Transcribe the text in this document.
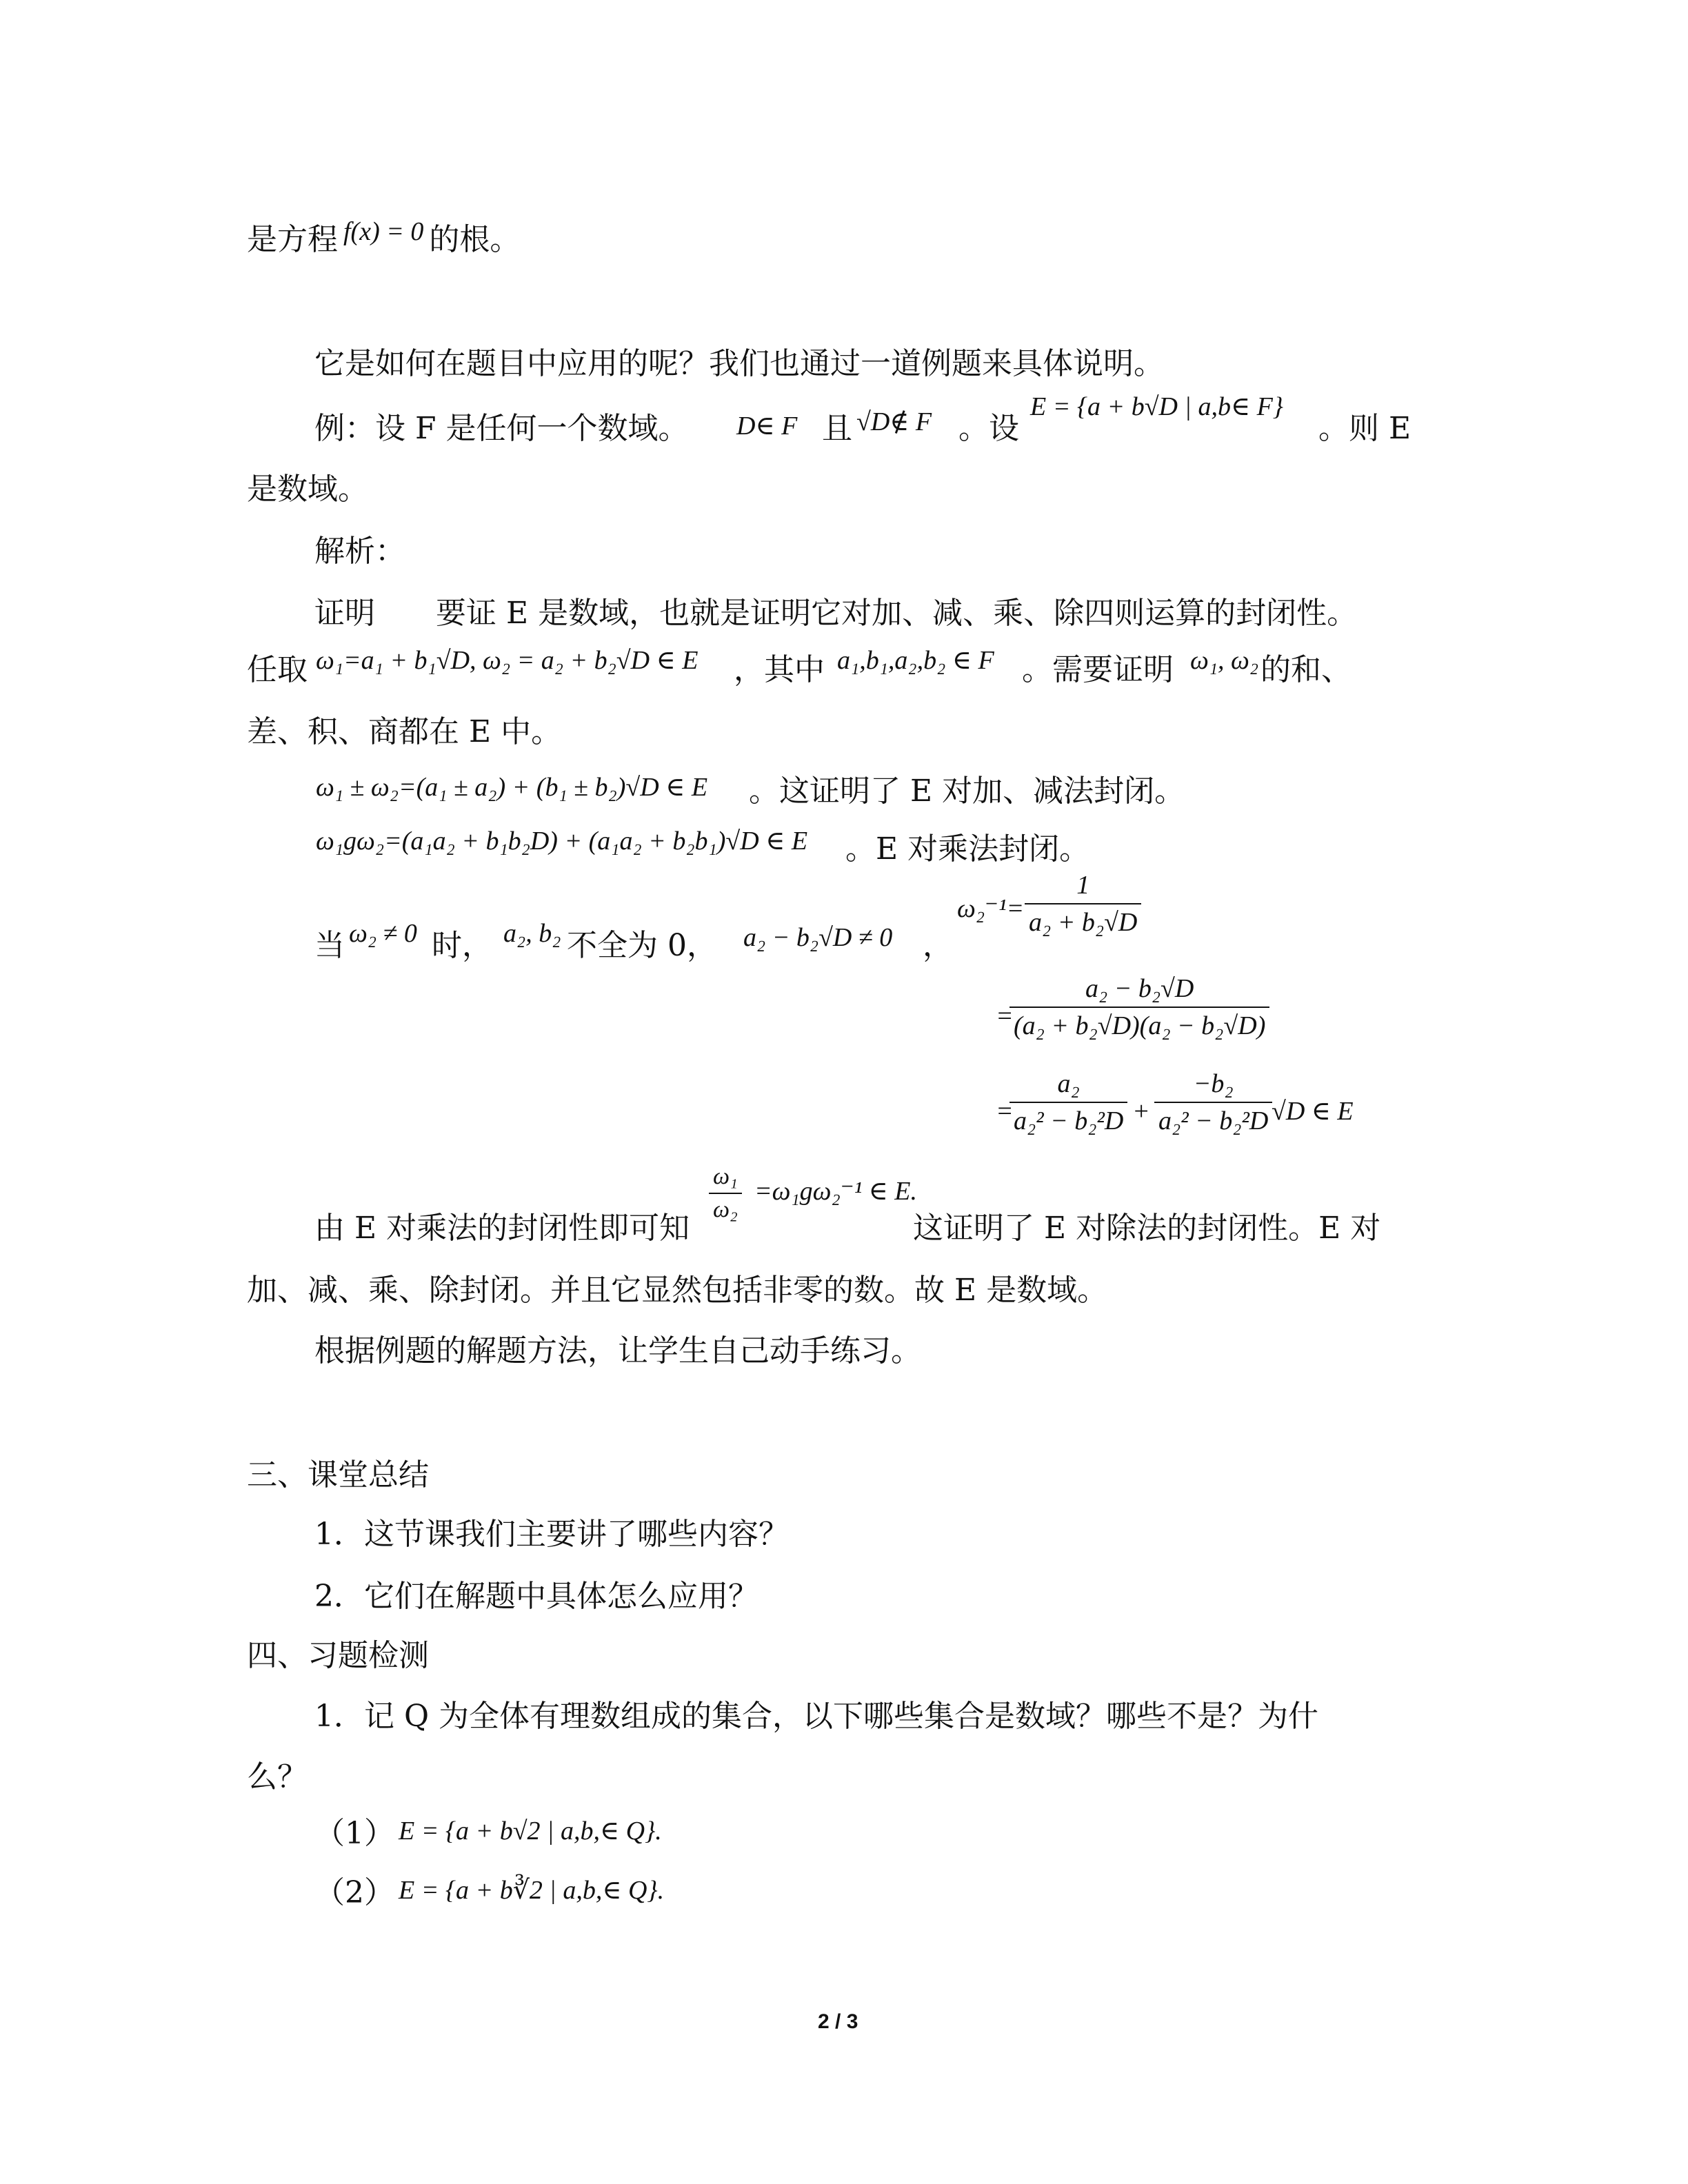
是方程 f(x) = 0 的根。
它是如何在题目中应用的呢？我们也通过一道例题来具体说明。
例：设 F 是任何一个数域。 D∈ F 且 √D∉ F 。设
E = {a + b√D | a,b∈ F}
。则 E
是数域。
解析：
证明　　要证 E 是数域，也就是证明它对加、减、乘、除四则运算的封闭性。
任取 ω₁=a₁ + b₁√D, ω₂ = a₂ + b₂√D ∈ E ，其中 a₁,b₁,a₂,b₂ ∈ F 。需要证明 ω₁, ω₂ 的和、
差、积、商都在 E 中。
ω₁ ± ω₂=(a₁ ± a₂) + (b₁ ± b₂)√D ∈ E 。这证明了 E 对加、减法封闭。
ω₁gω₂=(a₁a₂ + b₁b₂D) + (a₁a₂ + b₂b₁)√D ∈ E 。E 对乘法封闭。
当 ω₂ ≠ 0 时， a₂, b₂ 不全为 0， a₂ − b₂√D ≠ 0 ，
$\omega_2^{-1}= \frac{1}{\text{a₂ + b₂√D}}$
=
$\frac{\text{a₂ − b₂√D}}{\text{(a₂ + b₂√D)(a₂ − b₂√D)}}$
=
$\frac{\text{a₂}}{\text{a₂² − b₂²D}} + \frac{\text{−b₂}}{\text{a₂² − b₂²D}}$
√D ∈ E
由 E 对乘法的封闭性即可知
$\frac{\text{ω₁}}{\text{ω₂}} =\omega_1g\omega_2^{-1}$ ∈ E.
这证明了 E 对除法的封闭性。E 对
加、减、乘、除封闭。并且它显然包括非零的数。故 E 是数域。
根据例题的解题方法，让学生自己动手练习。
三、课堂总结
1．这节课我们主要讲了哪些内容？
2．它们在解题中具体怎么应用？
四、习题检测
1．记 Q 为全体有理数组成的集合，以下哪些集合是数域？哪些不是？为什
么？
（1） E = {a + b√2 | a,b,∈ Q}.
（2） E = {a + b∛2 | a,b,∈ Q}.
2 / 3
